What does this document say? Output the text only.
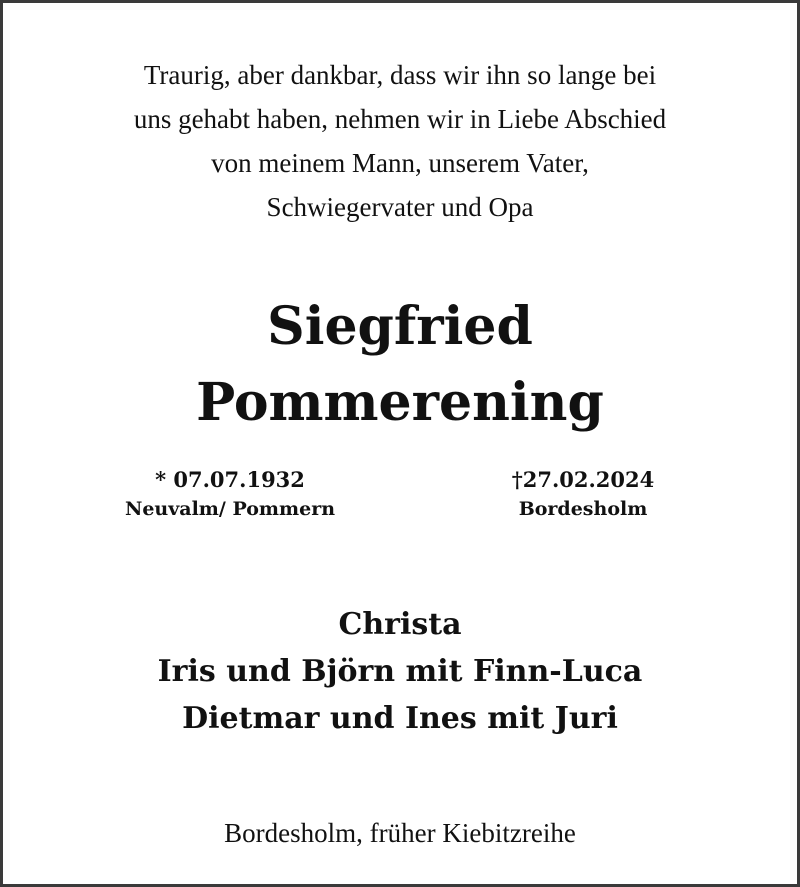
Traurig, aber dankbar, dass wir ihn so lange bei
uns gehabt haben, nehmen wir in Liebe Abschied
von meinem Mann, unserem Vater,
Schwiegervater und Opa
Siegfried
Pommerening
* 07.07.1932
Neuvalm/ Pommern
†27.02.2024
Bordesholm
Christa
Iris und Björn mit Finn-Luca
Dietmar und Ines mit Juri
Bordesholm, früher Kiebitzreihe
